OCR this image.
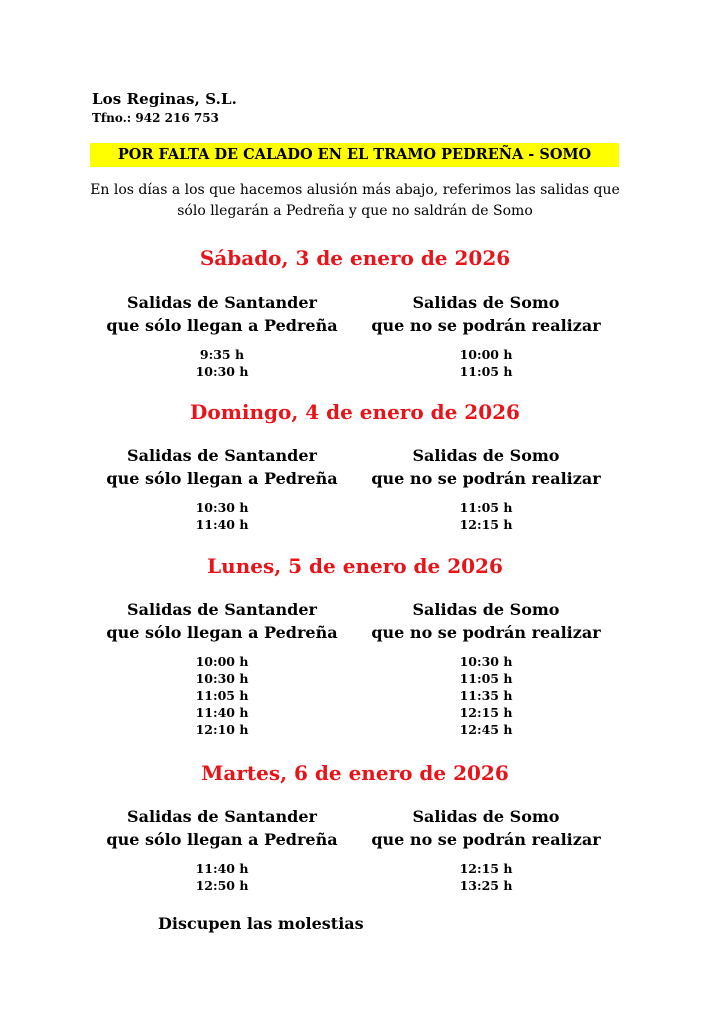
Los Reginas, S.L.
Tfno.: 942 216 753
POR FALTA DE CALADO EN EL TRAMO PEDREÑA - SOMO
En los días a los que hacemos alusión más abajo, referimos las salidas que
sólo llegarán a Pedreña y que no saldrán de Somo
Sábado, 3 de enero de 2026
Salidas de Santander
que sólo llegan a Pedreña
Salidas de Somo
que no se podrán realizar
9:35 h
10:30 h
10:00 h
11:05 h
Domingo, 4 de enero de 2026
Salidas de Santander
que sólo llegan a Pedreña
Salidas de Somo
que no se podrán realizar
10:30 h
11:40 h
11:05 h
12:15 h
Lunes, 5 de enero de 2026
Salidas de Santander
que sólo llegan a Pedreña
Salidas de Somo
que no se podrán realizar
10:00 h
10:30 h
11:05 h
11:40 h
12:10 h
10:30 h
11:05 h
11:35 h
12:15 h
12:45 h
Martes, 6 de enero de 2026
Salidas de Santander
que sólo llegan a Pedreña
Salidas de Somo
que no se podrán realizar
11:40 h
12:50 h
12:15 h
13:25 h
Discupen las molestias
